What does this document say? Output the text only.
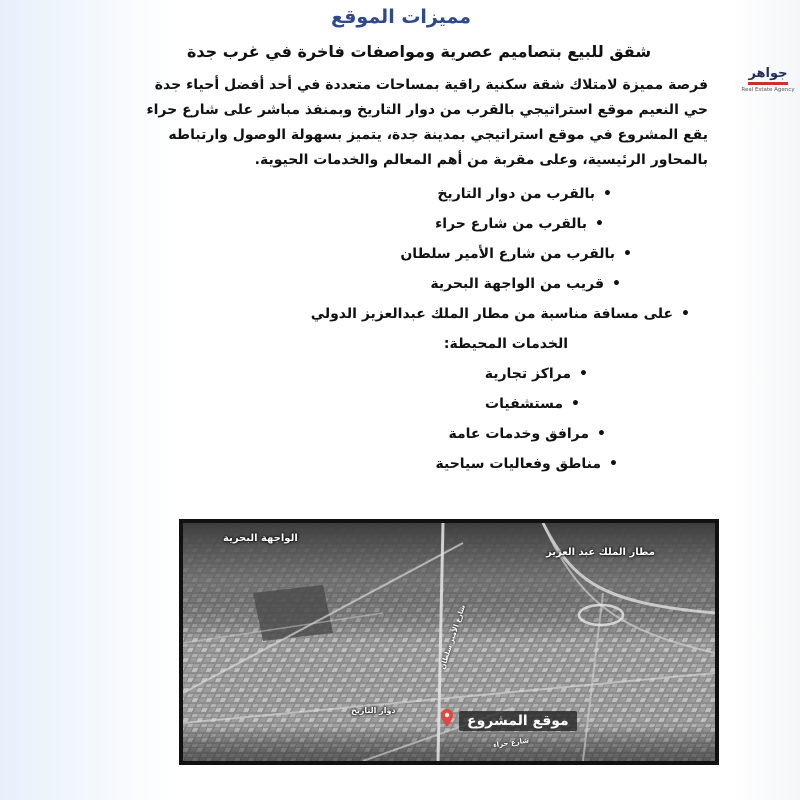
مميزات الموقع
شقق للبيع بتصاميم عصرية ومواصفات فاخرة في غرب جدة
جواهر
Real Estate Agency
فرصة مميزة لامتلاك شقة سكنية راقية بمساحات متعددة في أحد أفضل أحياء جدة
حي النعيم موقع استراتيجي بالقرب من دوار التاريخ وبمنفذ مباشر على شارع حراء
يقع المشروع في موقع استراتيجي بمدينة جدة، يتميز بسهولة الوصول وارتباطه
بالمحاور الرئيسية، وعلى مقربة من أهم المعالم والخدمات الحيوية.
•بالقرب من دوار التاريخ
•بالقرب من شارع حراء
•بالقرب من شارع الأمير سلطان
•قريب من الواجهة البحرية
•على مسافة مناسبة من مطار الملك عبدالعزيز الدولي
الخدمات المحيطة:
•مراكز تجارية
•مستشفيات
•مرافق وخدمات عامة
•مناطق وفعاليات سياحية
الواجهة البحرية
مطار الملك عبد العزيز
دوار التاريخ
شارع الأمير سلطان
شارع حراء
موقع المشروع
